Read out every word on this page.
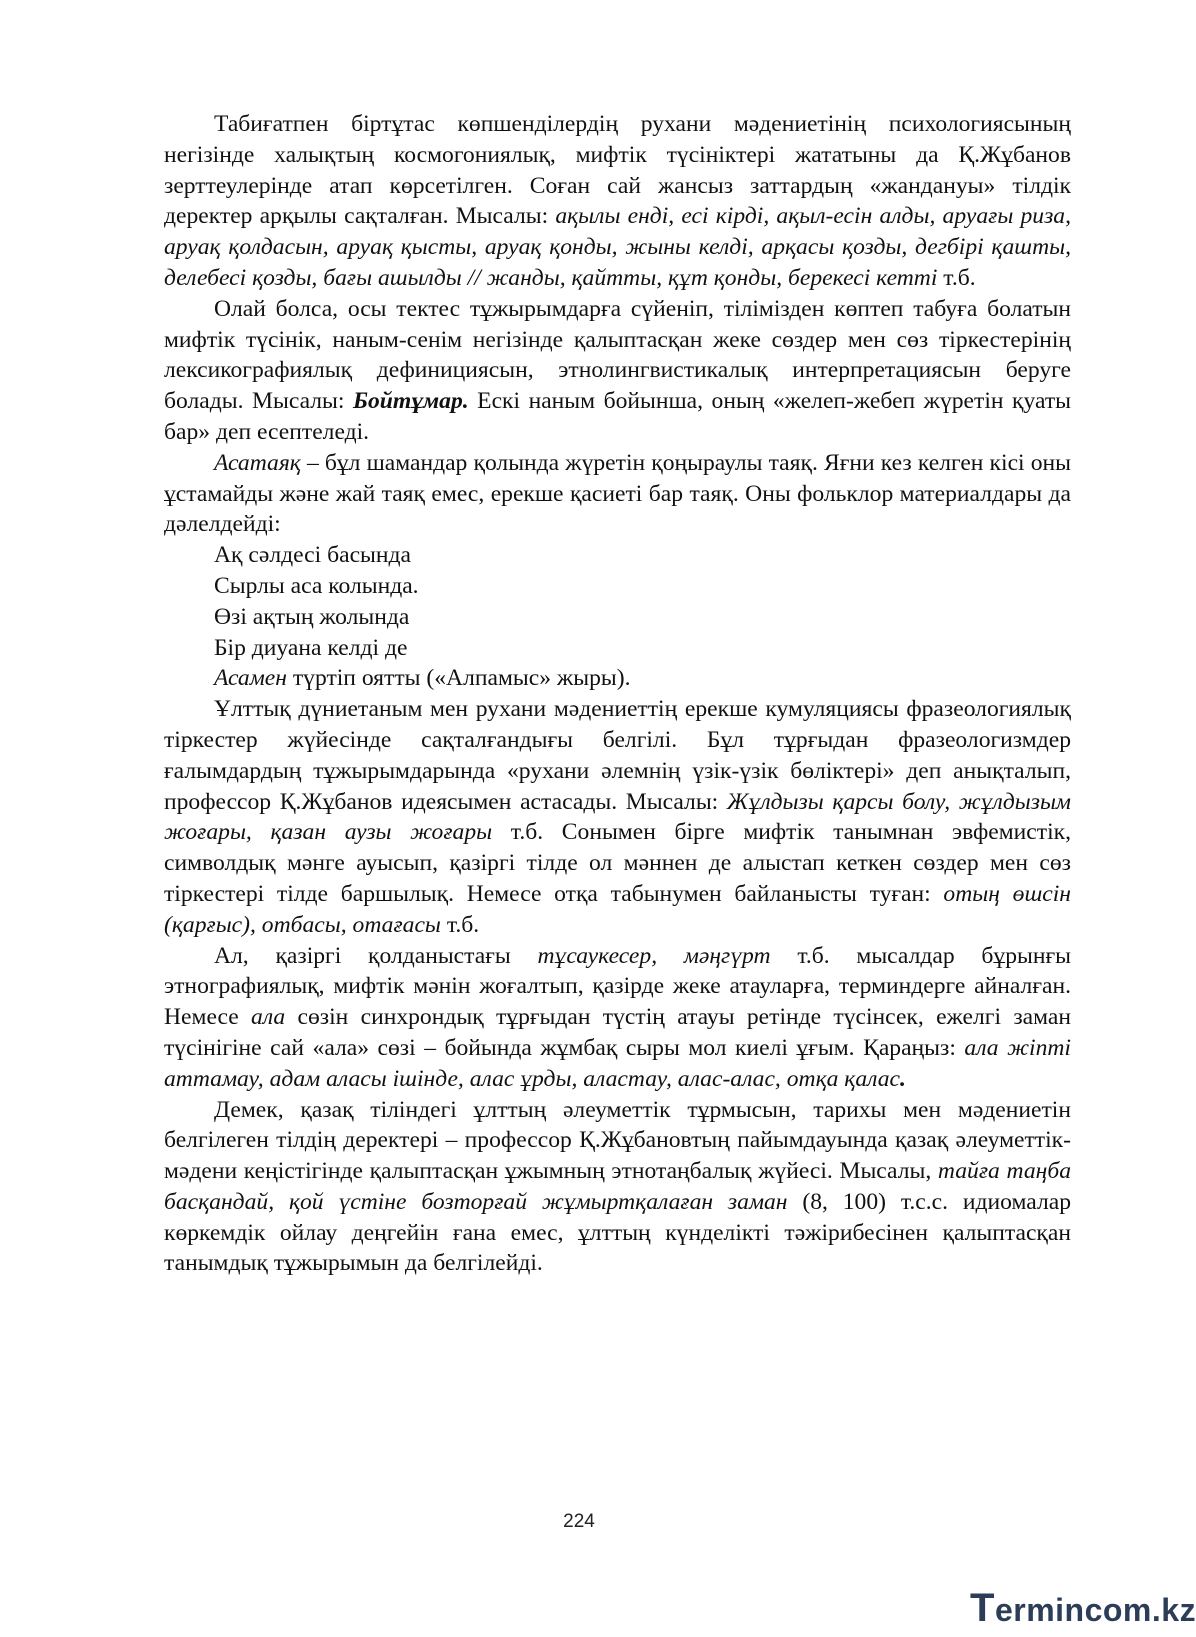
Табиғатпен біртұтас көпшенділердің рухани мәдениетінің психологиясының негізінде халықтың космогониялық, мифтік түсініктері жататыны да Қ.Жұбанов зерттеулерінде атап көрсетілген. Соған сай жансыз заттардың «жандануы» тілдік деректер арқылы сақталған. Мысалы: ақылы енді, есі кірді, ақыл-есін алды, аруағы риза, аруақ қолдасын, аруақ қысты, аруақ қонды, жыны келді, арқасы қозды, дегбірі қашты, делебесі қозды, бағы ашылды // жанды, қайтты, құт қонды, берекесі кетті т.б.

Олай болса, осы тектес тұжырымдарға сүйеніп, тілімізден көптеп табуға болатын мифтік түсінік, наным-сенім негізінде қалыптасқан жеке сөздер мен сөз тіркестерінің лексикографиялық дефинициясын, этнолингвистикалық интерпретациясын беруге болады. Мысалы: Бойтұмар. Ескі наным бойынша, оның «желеп-жебеп жүретін қуаты бар» деп есептеледі.

Асатаяқ – бұл шамандар қолында жүретін қоңыраулы таяқ. Яғни кез келген кісі оны ұстамайды және жай таяқ емес, ерекше қасиеті бар таяқ. Оны фольклор материалдары да дәлелдейді:

Ақ сәлдесі басында

Сырлы аса колында.

Өзі ақтың жолында

Бір диуана келді де

Асамен түртіп оятты («Алпамыс» жыры).

Ұлттық дүниетаным мен рухани мәдениеттің ерекше кумуляциясы фразеологиялық тіркестер жүйесінде сақталғандығы белгілі. Бұл тұрғыдан фразеологизмдер ғалымдардың тұжырымдарында «рухани әлемнің үзік-үзік бөліктері» деп анықталып, профессор Қ.Жұбанов идеясымен астасады. Мысалы: Жұлдызы қарсы болу, жұлдызым жоғары, қазан аузы жоғары т.б. Сонымен бірге мифтік танымнан эвфемистік, символдық мәнге ауысып, қазіргі тілде ол мәннен де алыстап кеткен сөздер мен сөз тіркестері тілде баршылық. Немесе отқа табынумен байланысты туған: отың өшсін (қарғыс), отбасы, отағасы т.б.

Ал, қазіргі қолданыстағы тұсаукесер, мәңгүрт т.б. мысалдар бұрынғы этнографиялық, мифтік мәнін жоғалтып, қазірде жеке атауларға, терминдерге айналған. Немесе ала сөзін синхрондық тұрғыдан түстің атауы ретінде түсінсек, ежелгі заман түсінігіне сай «ала» сөзі – бойында жұмбақ сыры мол киелі ұғым. Қараңыз: ала жіпті аттамау, адам аласы ішінде, алас ұрды, аластау, алас-алас, отқа қалас.

Демек, қазақ тіліндегі ұлттың әлеуметтік тұрмысын, тарихы мен мәдениетін белгілеген тілдің деректері – профессор Қ.Жұбановтың пайымдауында қазақ әлеуметтік-мәдени кеңістігінде қалыптасқан ұжымның этнотаңбалық жүйесі. Мысалы, тайға таңба басқандай, қой үстіне бозторғай жұмыртқалаған заман (8, 100) т.с.с. идиомалар көркемдік ойлау деңгейін ғана емес, ұлттың күнделікті тәжірибесінен қалыптасқан танымдық тұжырымын да белгілейді.

224
Termincom.kz
